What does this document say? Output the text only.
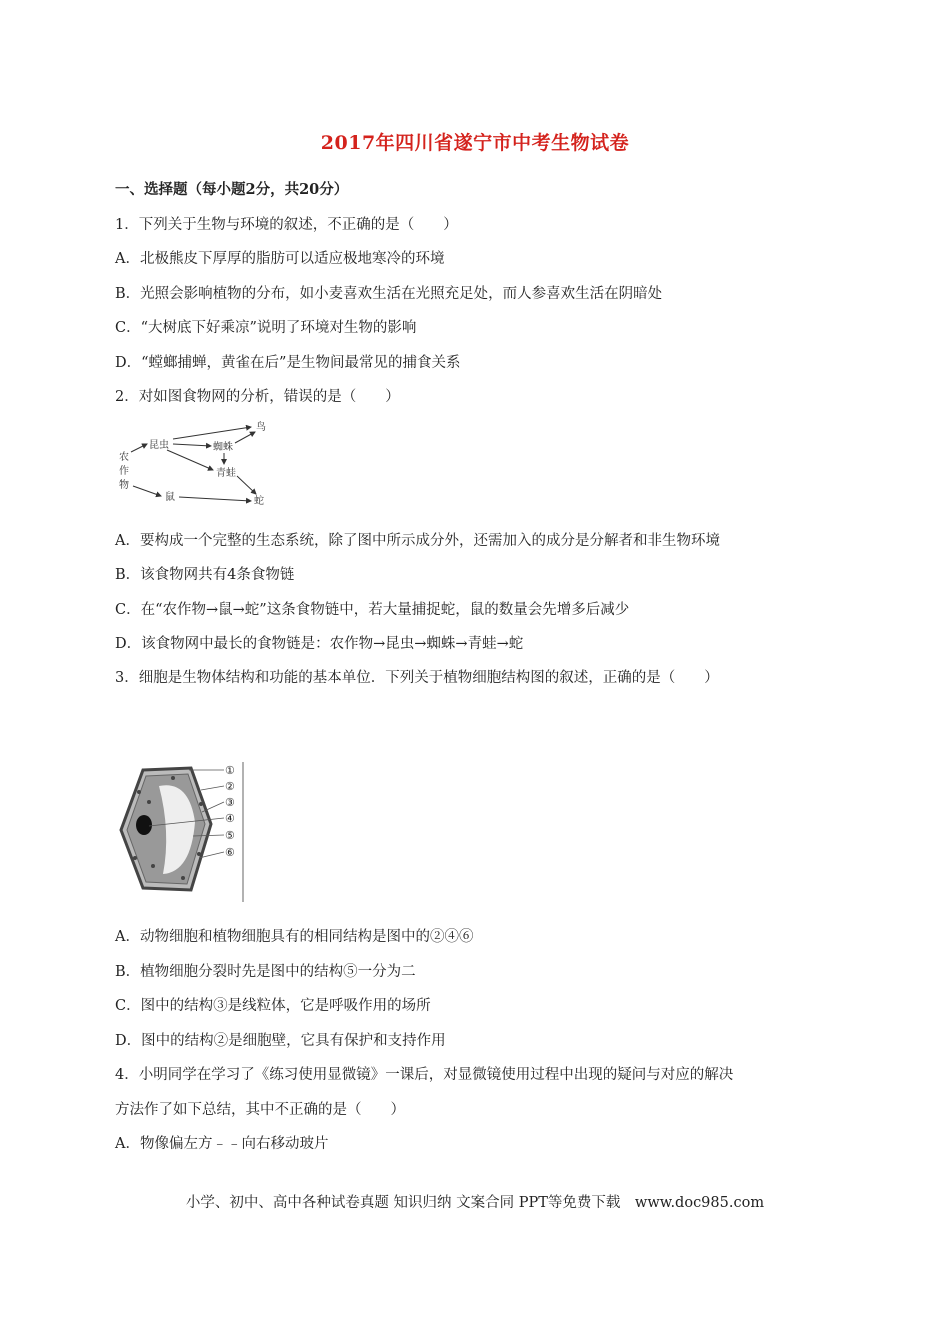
2017年四川省遂宁市中考生物试卷
一、选择题（每小题2分，共20分）
1．下列关于生物与环境的叙述，不正确的是（　　）
A．北极熊皮下厚厚的脂肪可以适应极地寒冷的环境
B．光照会影响植物的分布，如小麦喜欢生活在光照充足处，而人参喜欢生活在阴暗处
C．“大树底下好乘凉”说明了环境对生物的影响
D．“螳螂捕蝉，黄雀在后”是生物间最常见的捕食关系
2．对如图食物网的分析，错误的是（　　）
农
作
物
昆虫
鸟
蜘蛛
青蛙
鼠	蛇
A．要构成一个完整的生态系统，除了图中所示成分外，还需加入的成分是分解者和非生物环境
B．该食物网共有4条食物链
C．在“农作物→鼠→蛇”这条食物链中，若大量捕捉蛇，鼠的数量会先增多后减少
D．该食物网中最长的食物链是：农作物→昆虫→蜘蛛→青蛙→蛇
3．细胞是生物体结构和功能的基本单位．下列关于植物细胞结构图的叙述，正确的是（　　）
①
②
③
④
⑤
⑥
A．动物细胞和植物细胞具有的相同结构是图中的②④⑥
B．植物细胞分裂时先是图中的结构⑤一分为二
C．图中的结构③是线粒体，它是呼吸作用的场所
D．图中的结构②是细胞壁，它具有保护和支持作用
4．小明同学在学习了《练习使用显微镜》一课后，对显微镜使用过程中出现的疑问与对应的解决
方法作了如下总结，其中不正确的是（　　）
A．物像偏左方﹣﹣向右移动玻片
小学、初中、高中各种试卷真题 知识归纳 文案合同 PPT等免费下载　www.doc985.com
